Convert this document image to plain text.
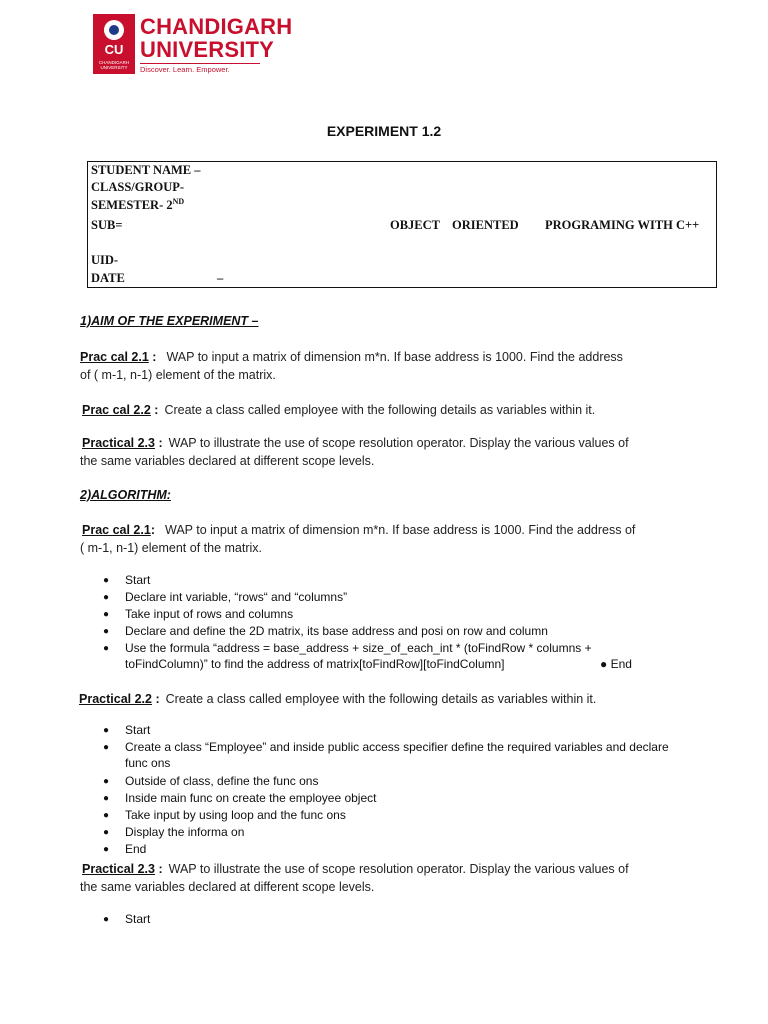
CU
CHANDIGARH UNIVERSITY
CHANDIGARH
UNIVERSITY
Discover. Learn. Empower.
EXPERIMENT 1.2
STUDENT NAME –
CLASS/GROUP-
SEMESTER- 2ND
SUB=	OBJECT ORIENTED PROGRAMING WITH C++
UID-
DATE	–
1)AIM OF THE EXPERIMENT –
Prac cal 2.1 : WAP to input a matrix of dimension m*n. If base address is 1000. Find the address
of ( m-1, n-1) element of the matrix.
Prac cal 2.2 : Create a class called employee with the following details as variables within it.
Practical 2.3 : WAP to illustrate the use of scope resolution operator. Display the various values of
the same variables declared at different scope levels.
2)ALGORITHM:
Prac cal 2.1: WAP to input a matrix of dimension m*n. If base address is 1000. Find the address of
( m-1, n-1) element of the matrix.
● Start
● Declare int variable, “rows“ and “columns”
● Take input of rows and columns
● Declare and define the 2D matrix, its base address and posi on row and column
● Use the formula “address = base_address + size_of_each_int * (toFindRow * columns +
toFindColumn)” to find the address of matrix[toFindRow][toFindColumn]	● End
Practical 2.2 : Create a class called employee with the following details as variables within it.
● Start
● Create a class “Employee” and inside public access specifier define the required variables and declare
func ons
● Outside of class, define the func ons
● Inside main func on create the employee object
● Take input by using loop and the func ons
● Display the informa on
● End
Practical 2.3 : WAP to illustrate the use of scope resolution operator. Display the various values of
the same variables declared at different scope levels.
● Start
